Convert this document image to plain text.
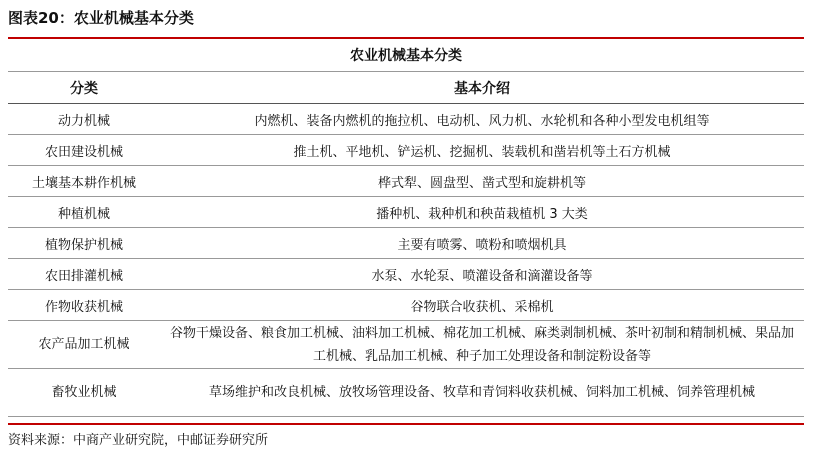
图表20：农业机械基本分类
农业机械基本分类	
分类	基本介绍
动力机械	内燃机、装备内燃机的拖拉机、电动机、风力机、水轮机和各种小型发电机组等
农田建设机械	推土机、平地机、铲运机、挖掘机、装载机和凿岩机等土石方机械
土壤基本耕作机械	桦式犁、圆盘型、凿式型和旋耕机等
种植机械	播种机、栽种机和秧苗栽植机 3 大类
植物保护机械	主要有喷雾、喷粉和喷烟机具
农田排灌机械	水泵、水轮泵、喷灌设备和滴灌设备等
作物收获机械	谷物联合收获机、采棉机
农产品加工机械	谷物干燥设备、粮食加工机械、油料加工机械、棉花加工机械、麻类剥制机械、茶叶初制和精制机械、果品加工机械、乳品加工机械、种子加工处理设备和制淀粉设备等
畜牧业机械	草场维护和改良机械、放牧场管理设备、牧草和青饲料收获机械、饲料加工机械、饲养管理机械
资料来源：中商产业研究院，中邮证券研究所
